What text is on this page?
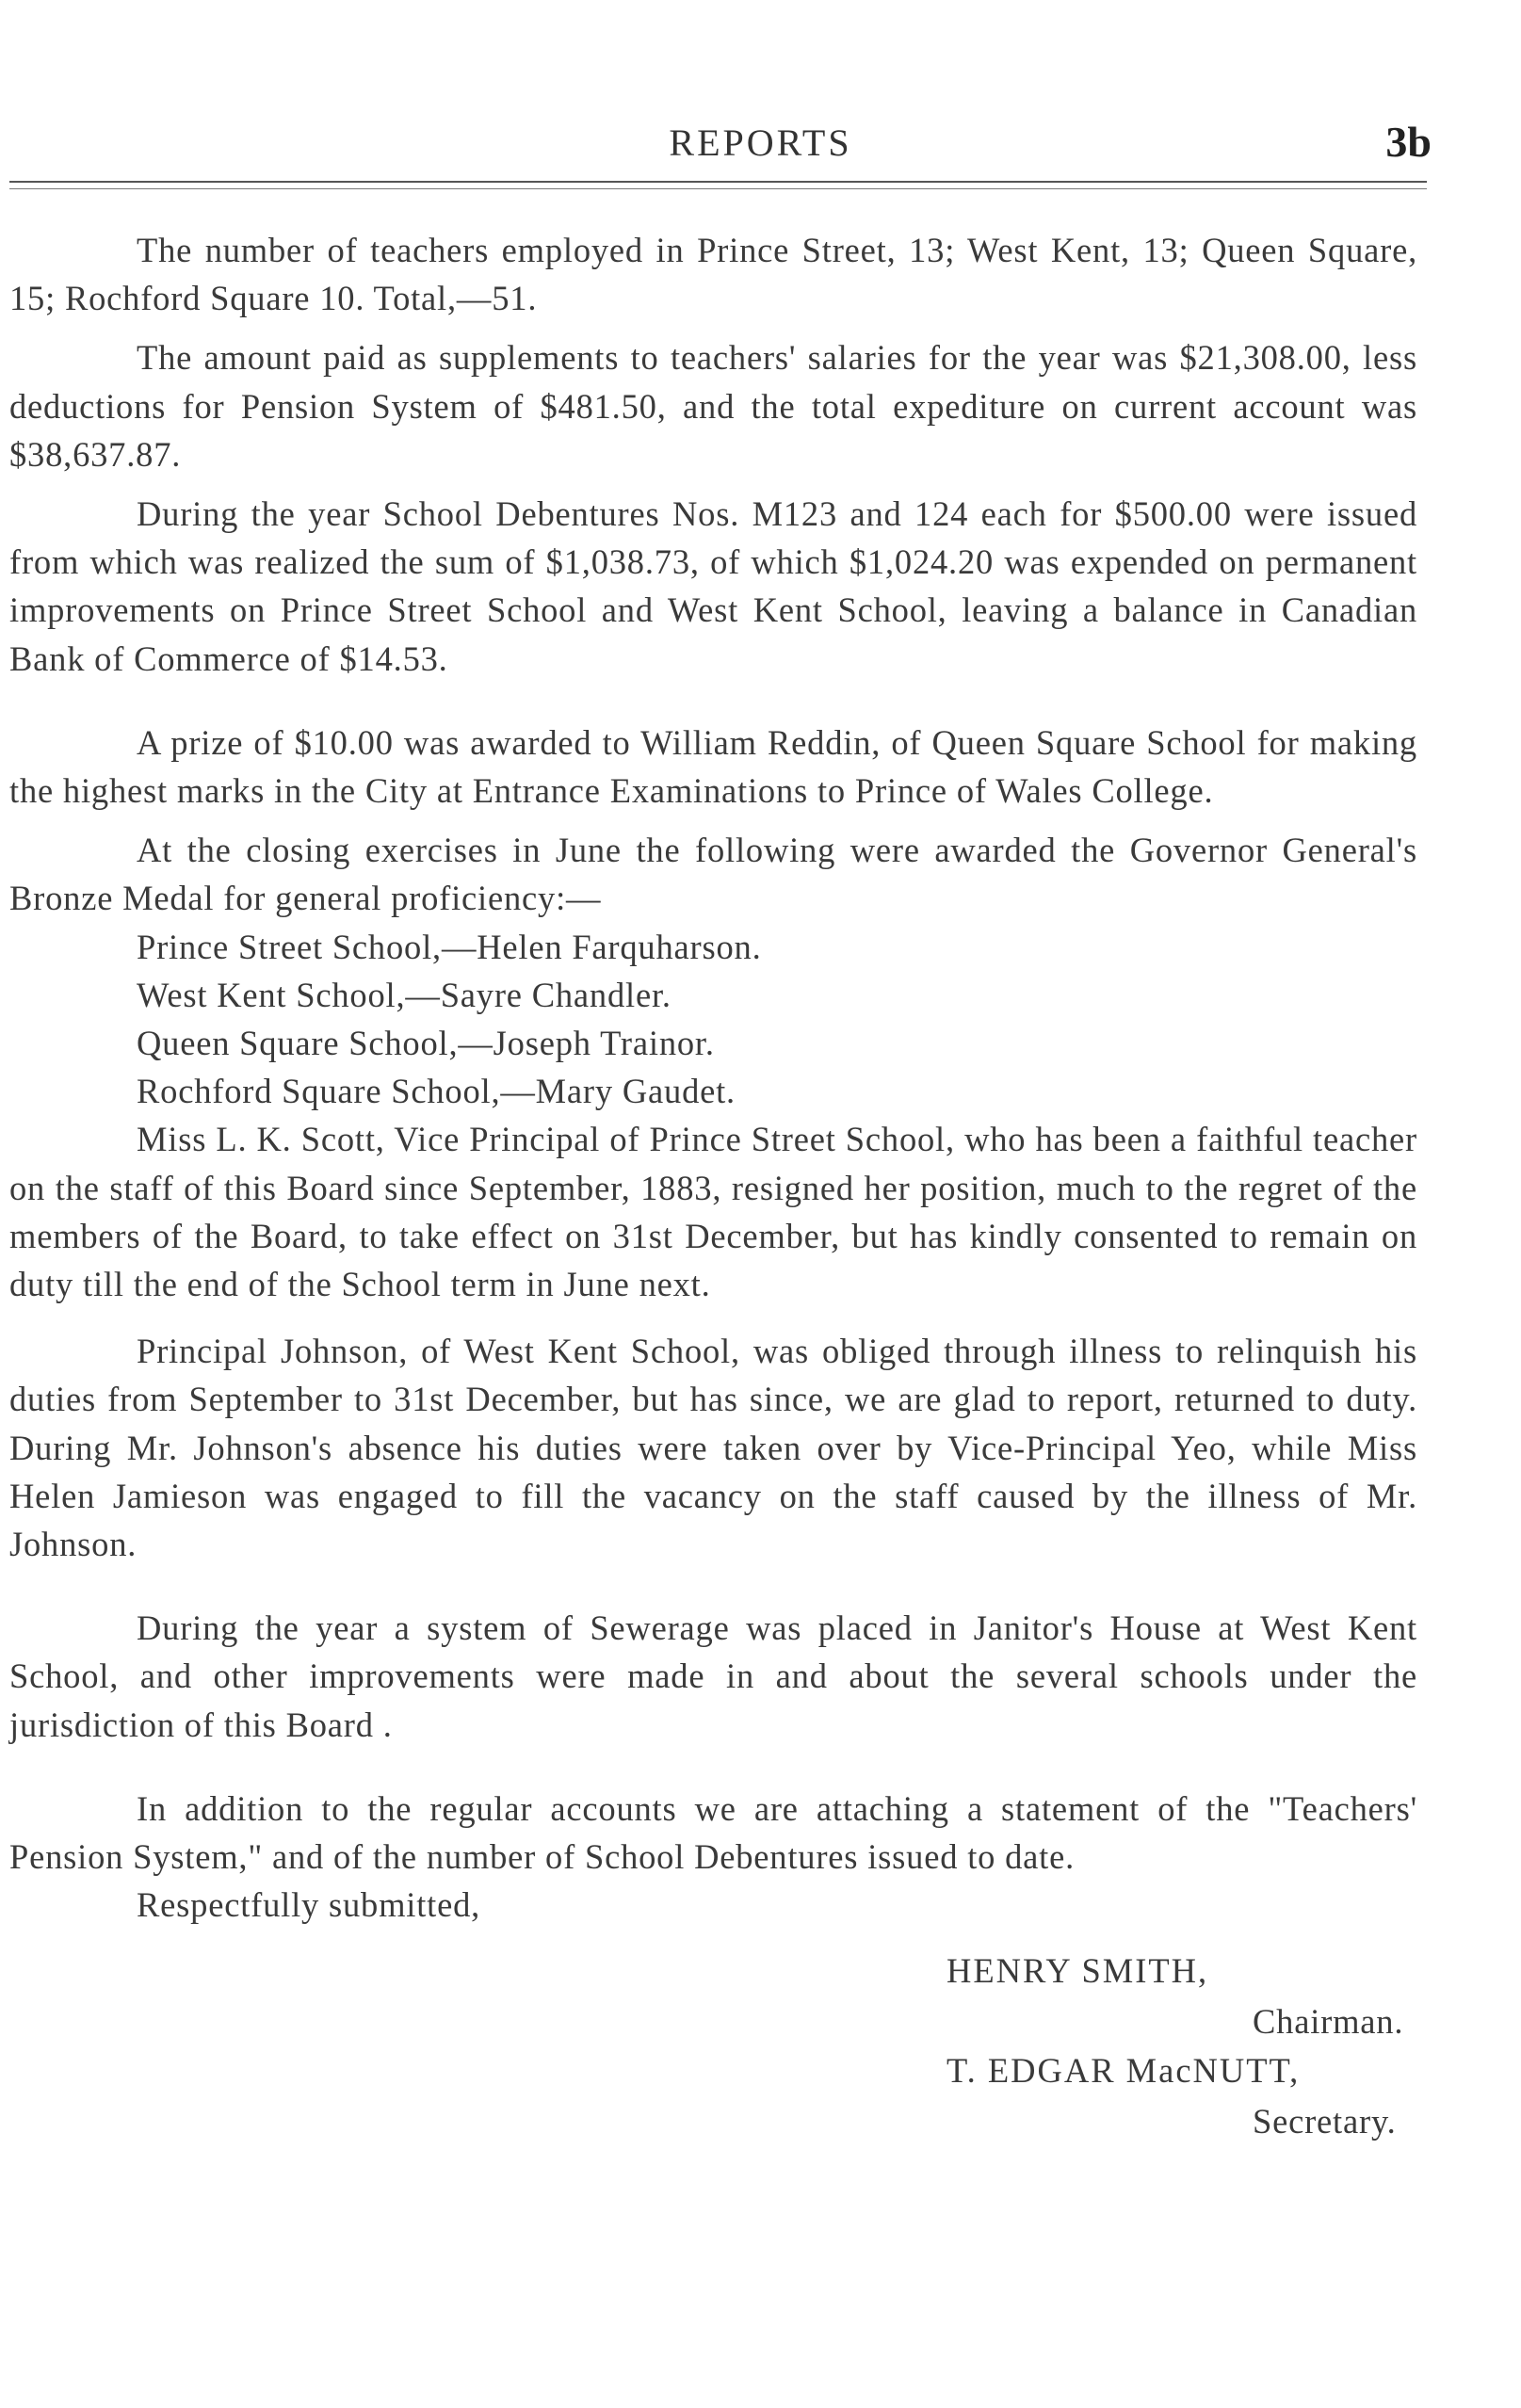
REPORTS	3b

The number of teachers employed in Prince Street, 13; West Kent, 13; Queen Square, 15; Rochford Square 10. Total,—51.

The amount paid as supplements to teachers' salaries for the year was $21,308.00, less deductions for Pension System of $481.50, and the total expediture on current account was $38,637.87.

During the year School Debentures Nos. M123 and 124 each for $500.00 were issued from which was realized the sum of $1,038.73, of which $1,024.20 was expended on permanent improvements on Prince Street School and West Kent School, leaving a balance in Canadian Bank of Commerce of $14.53.

A prize of $10.00 was awarded to William Reddin, of Queen Square School for making the highest marks in the City at Entrance Examinations to Prince of Wales College.

At the closing exercises in June the following were awarded the Governor General's Bronze Medal for general proficiency:—

Prince Street School,—Helen Farquharson.
West Kent School,—Sayre Chandler.
Queen Square School,—Joseph Trainor.
Rochford Square School,—Mary Gaudet.

Miss L. K. Scott, Vice Principal of Prince Street School, who has been a faithful teacher on the staff of this Board since September, 1883, resigned her position, much to the regret of the members of the Board, to take effect on 31st December, but has kindly consented to remain on duty till the end of the School term in June next.

Principal Johnson, of West Kent School, was obliged through illness to relinquish his duties from September to 31st December, but has since, we are glad to report, returned to duty. During Mr. Johnson's absence his duties were taken over by Vice-Principal Yeo, while Miss Helen Jamieson was engaged to fill the vacancy on the staff caused by the illness of Mr. Johnson.

During the year a system of Sewerage was placed in Janitor's House at West Kent School, and other improvements were made in and about the several schools under the jurisdiction of this Board .

In addition to the regular accounts we are attaching a statement of the "Teachers' Pension System," and of the number of School Debentures issued to date.

Respectfully submitted,

HENRY SMITH,
Chairman.
T. EDGAR MacNUTT,
Secretary.
